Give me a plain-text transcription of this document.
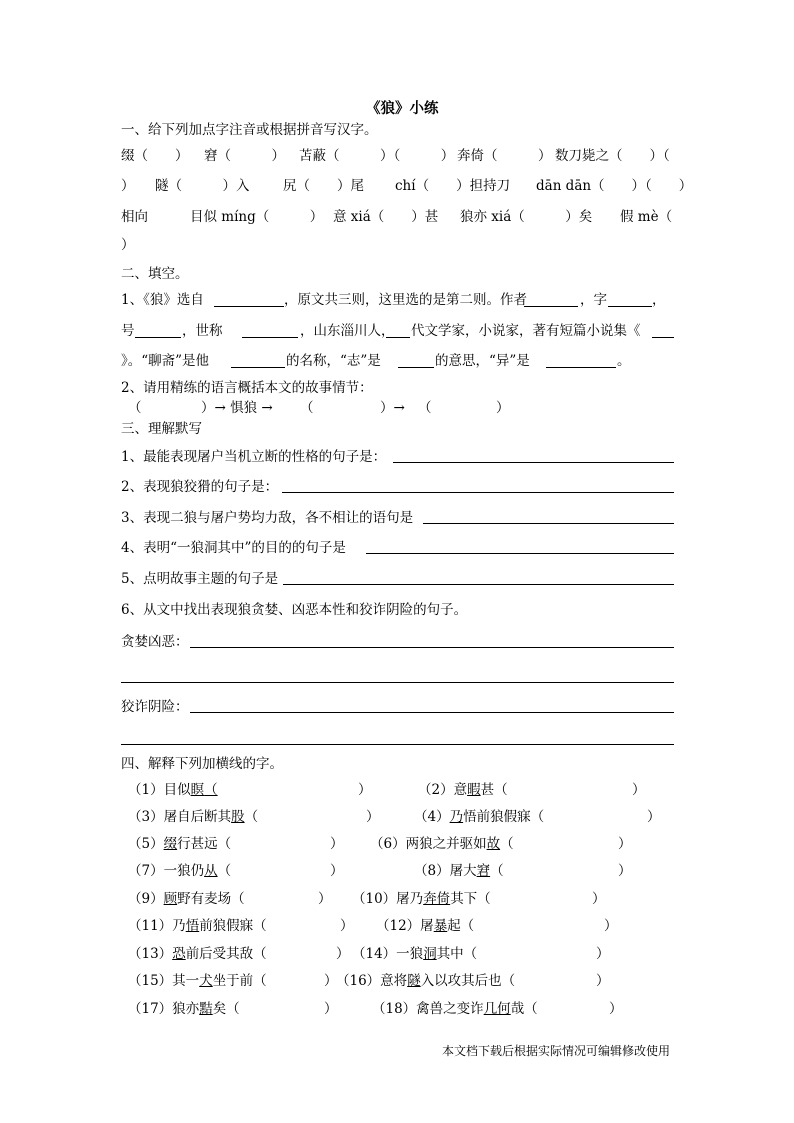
《狼》小练
一、给下列加点字注音或根据拼音写汉字。
缀（　　） 窘（　　　） 苫蔽（　　　）（　　　） 奔倚（　　　） 数刀毙之（　　）（
） 隧（　　　）入 尻（　　）尾 chí（　　）担持刀 dān dān（　　）（　　）
相向	目似 míng（　　　） 意 xiá（　　）甚 狼亦 xiá（　　　）矣 假 mè（
）
二、填空。
1、《狼》选自	，原文共三则，这里选的是第二则。作者	，字	，
号	，世称	，山东淄川人， 代文学家，小说家，著有短篇小说集《
》。“聊斋”是他	的名称，“志”是	的意思，“异”是	。
2、请用精练的语言概括本文的故事情节：
（	）→ 惧狼 → （	）→ （	）
三、理解默写
1、最能表现屠户当机立断的性格的句子是：
2、表现狼狡猾的句子是：
3、表现二狼与屠户势均力敌，各不相让的语句是
4、表明“一狼洞其中”的目的的句子是
5、点明故事主题的句子是
6、从文中找出表现狼贪婪、凶恶本性和狡诈阴险的句子。
贪婪凶恶：
狡诈阴险：
四、解释下列加横线的字。
（1）目似瞑（	）	（2）意暇甚（	）
（3）屠自后断其股（	）	（4）乃悟前狼假寐（	）
（5）缀行甚远（	） （6）两狼之并驱如故（	）
（7）一狼仍从（	）	（8）屠大窘（	）
（9）顾野有麦场（	） （10）屠乃奔倚其下（	）
（11）乃悟前狼假寐（	） （12）屠暴起（	）
（13）恐前后受其敌（	） （14）一狼洞其中（	）
（15）其一犬坐于前（	）
（16）意将隧入以攻其后也（	）
（17）狼亦黠矣（	）	（18）禽兽之变诈几何哉（	）
本文档下载后根据实际情况可编辑修改使用
